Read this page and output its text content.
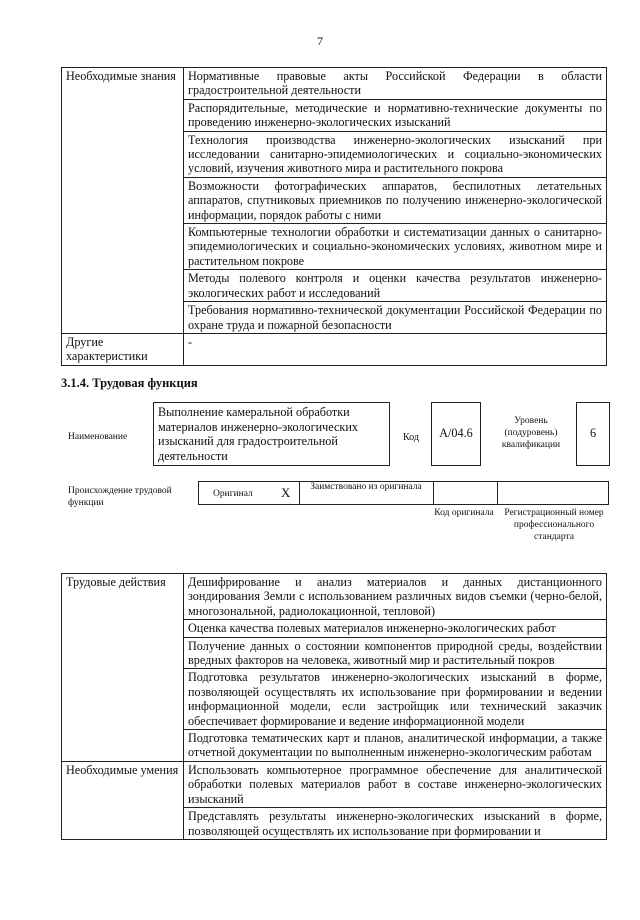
7
Необходимые знания	Нормативные правовые акты Российской Федерации в области градостроительной деятельности
	Распорядительные, методические и нормативно-технические документы по проведению инженерно-экологических изысканий
	Технология производства инженерно-экологических изысканий при исследовании санитарно-эпидемиологических и социально-экономических условий, изучения животного мира и растительного покрова
	Возможности фотографических аппаратов, беспилотных летательных аппаратов, спутниковых приемников по получению инженерно-экологической информации, порядок работы с ними
	Компьютерные технологии обработки и систематизации данных о санитарно-эпидемиологических и социально-экономических условиях, животном мире и растительном покрове
	Методы полевого контроля и оценки качества результатов инженерно-экологических работ и исследований
	Требования нормативно-технической документации Российской Федерации по охране труда и пожарной безопасности
Другие характеристики	-
3.1.4. Трудовая функция
Наименование
Выполнение камеральной обработки материалов инженерно-экологических изысканий для градостроительной деятельности
Код	A/04.6
Уровень (подуровень) квалификации
6
Происхождение трудовой функции
Оригинал X	Заимствовано из оригинала
Код оригинала	Регистрационный номер профессионального стандарта
Трудовые действия	Дешифрирование и анализ материалов и данных дистанционного зондирования Земли с использованием различных видов съемки (черно-белой, многозональной, радиолокационной, тепловой)
	Оценка качества полевых материалов инженерно-экологических работ
	Получение данных о состоянии компонентов природной среды, воздействии вредных факторов на человека, животный мир и растительный покров
	Подготовка результатов инженерно-экологических изысканий в форме, позволяющей осуществлять их использование при формировании и ведении информационной модели, если застройщик или технический заказчик обеспечивает формирование и ведение информационной модели
	Подготовка тематических карт и планов, аналитической информации, а также отчетной документации по выполненным инженерно-экологическим работам
Необходимые умения	Использовать компьютерное программное обеспечение для аналитической обработки полевых материалов работ в составе инженерно-экологических изысканий
	Представлять результаты инженерно-экологических изысканий в форме, позволяющей осуществлять их использование при формировании и
